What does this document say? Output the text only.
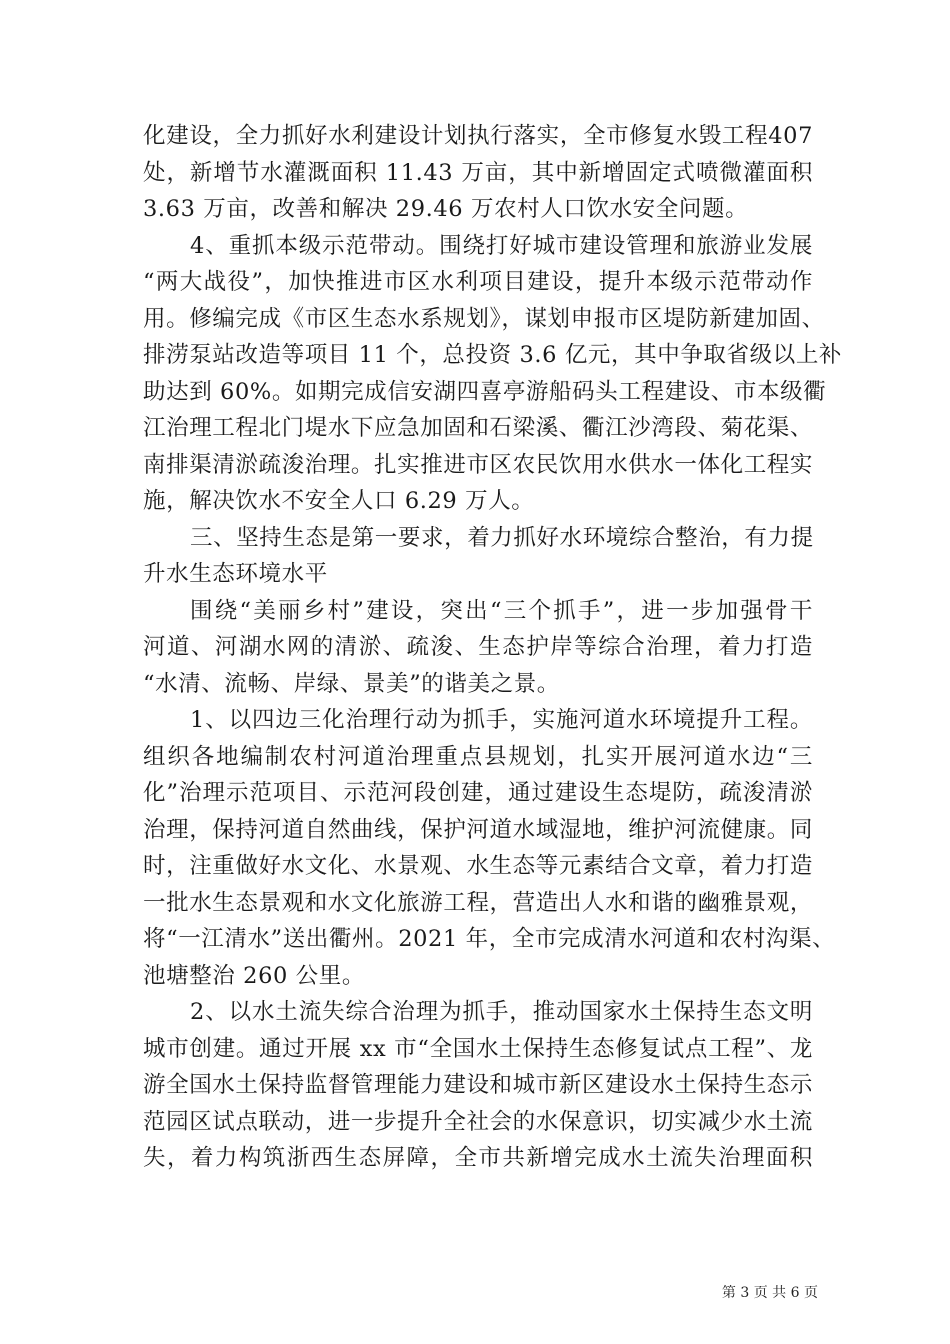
化建设，全力抓好水利建设计划执行落实，全市修复水毁工程407
处，新增节水灌溉面积 11.43 万亩，其中新增固定式喷微灌面积
3.63 万亩，改善和解决 29.46 万农村人口饮水安全问题。
4、重抓本级示范带动。围绕打好城市建设管理和旅游业发展
“两大战役”，加快推进市区水利项目建设，提升本级示范带动作
用。修编完成《市区生态水系规划》，谋划申报市区堤防新建加固、
排涝泵站改造等项目 11 个，总投资 3.6 亿元，其中争取省级以上补
助达到 60%。如期完成信安湖四喜亭游船码头工程建设、市本级衢
江治理工程北门堤水下应急加固和石梁溪、衢江沙湾段、菊花渠、
南排渠清淤疏浚治理。扎实推进市区农民饮用水供水一体化工程实
施，解决饮水不安全人口 6.29 万人。
三、坚持生态是第一要求，着力抓好水环境综合整治，有力提
升水生态环境水平
围绕“美丽乡村”建设，突出“三个抓手”，进一步加强骨干
河道、河湖水网的清淤、疏浚、生态护岸等综合治理，着力打造
“水清、流畅、岸绿、景美”的谐美之景。
1、以四边三化治理行动为抓手，实施河道水环境提升工程。
组织各地编制农村河道治理重点县规划，扎实开展河道水边“三
化”治理示范项目、示范河段创建，通过建设生态堤防，疏浚清淤
治理，保持河道自然曲线，保护河道水域湿地，维护河流健康。同
时，注重做好水文化、水景观、水生态等元素结合文章，着力打造
一批水生态景观和水文化旅游工程，营造出人水和谐的幽雅景观，
将“一江清水”送出衢州。2021 年，全市完成清水河道和农村沟渠、
池塘整治 260 公里。
2、以水土流失综合治理为抓手，推动国家水土保持生态文明
城市创建。通过开展 xx 市“全国水土保持生态修复试点工程”、龙
游全国水土保持监督管理能力建设和城市新区建设水土保持生态示
范园区试点联动，进一步提升全社会的水保意识，切实减少水土流
失，着力构筑浙西生态屏障，全市共新增完成水土流失治理面积
第 3 页 共 6 页
